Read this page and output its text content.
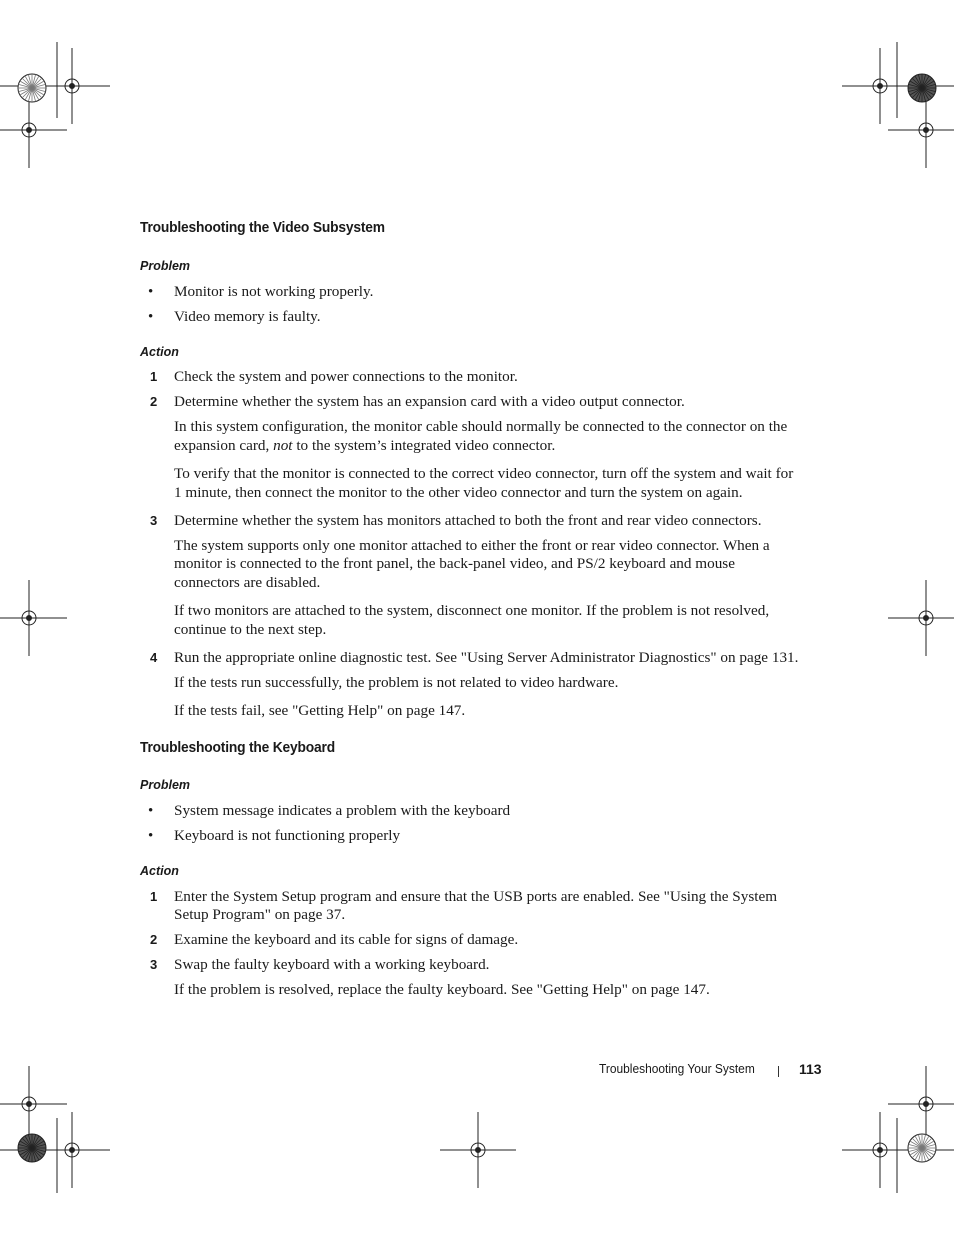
Troubleshooting the Video Subsystem
Problem
• Monitor is not working properly.
• Video memory is faulty.
Action
1 Check the system and power connections to the monitor.
2 Determine whether the system has an expansion card with a video output connector.
In this system configuration, the monitor cable should normally be connected to the connector on the
expansion card, not to the system’s integrated video connector.
To verify that the monitor is connected to the correct video connector, turn off the system and wait for
1 minute, then connect the monitor to the other video connector and turn the system on again.
3 Determine whether the system has monitors attached to both the front and rear video connectors.
The system supports only one monitor attached to either the front or rear video connector. When a
monitor is connected to the front panel, the back-panel video, and PS/2 keyboard and mouse
connectors are disabled.
If two monitors are attached to the system, disconnect one monitor. If the problem is not resolved,
continue to the next step.
4 Run the appropriate online diagnostic test. See "Using Server Administrator Diagnostics" on page 131.
If the tests run successfully, the problem is not related to video hardware.
If the tests fail, see "Getting Help" on page 147.
Troubleshooting the Keyboard
Problem
• System message indicates a problem with the keyboard
• Keyboard is not functioning properly
Action
1 Enter the System Setup program and ensure that the USB ports are enabled. See "Using the System
Setup Program" on page 37.
2 Examine the keyboard and its cable for signs of damage.
3 Swap the faulty keyboard with a working keyboard.
If the problem is resolved, replace the faulty keyboard. See "Getting Help" on page 147.
Troubleshooting Your System	113
